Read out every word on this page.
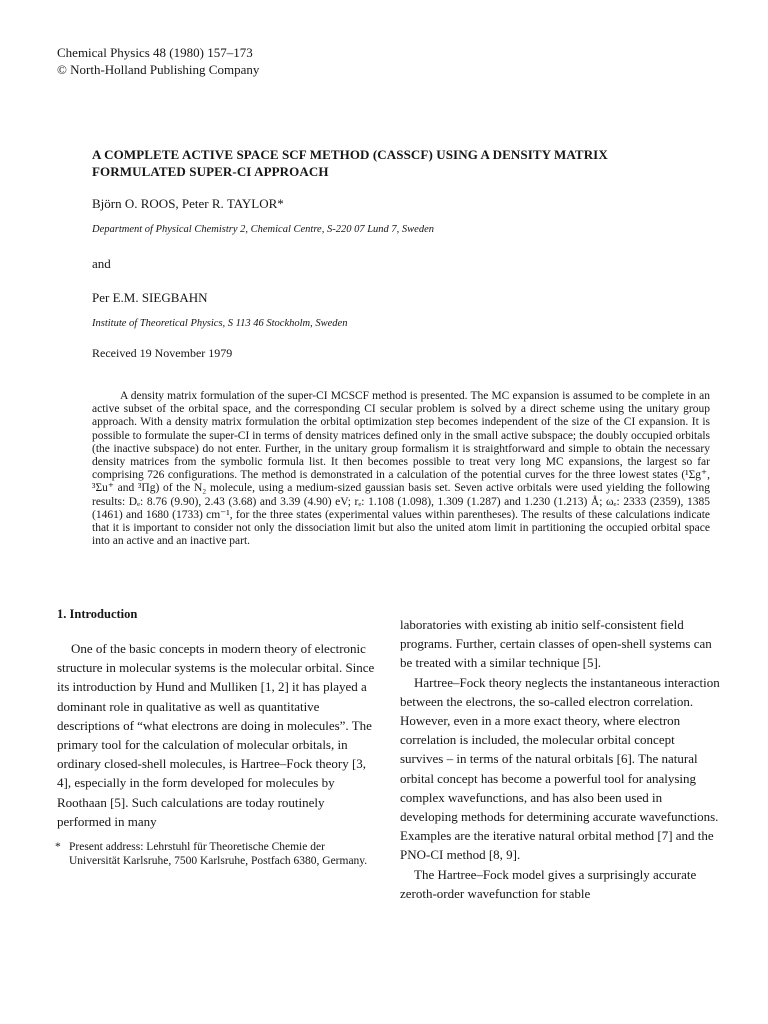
Chemical Physics 48 (1980) 157–173
© North-Holland Publishing Company
A COMPLETE ACTIVE SPACE SCF METHOD (CASSCF) USING A DENSITY MATRIX
FORMULATED SUPER-CI APPROACH
Björn O. ROOS, Peter R. TAYLOR*
Department of Physical Chemistry 2, Chemical Centre, S-220 07 Lund 7, Sweden
and
Per E.M. SIEGBAHN
Institute of Theoretical Physics, S 113 46 Stockholm, Sweden
Received 19 November 1979

A density matrix formulation of the super-CI MCSCF method is presented. The MC expansion is assumed to be complete in an active subset of the orbital space, and the corresponding CI secular problem is solved by a direct scheme using the unitary group approach. With a density matrix formulation the orbital optimization step becomes independent of the size of the CI expansion. It is possible to formulate the super-CI in terms of density matrices defined only in the small active subspace; the doubly occupied orbitals (the inactive subspace) do not enter. Further, in the unitary group formalism it is straightforward and simple to obtain the necessary density matrices from the symbolic formula list. It then becomes possible to treat very long MC expansions, the largest so far comprising 726 configurations. The method is demonstrated in a calculation of the potential curves for the three lowest states (¹Σg⁺, ³Σu⁺ and ³Πg) of the N₂ molecule, using a medium-sized gaussian basis set. Seven active orbitals were used yielding the following results: Dₑ: 8.76 (9.90), 2.43 (3.68) and 3.39 (4.90) eV; rₑ: 1.108 (1.098), 1.309 (1.287) and 1.230 (1.213) Å; ωₑ: 2333 (2359), 1385 (1461) and 1680 (1733) cm⁻¹, for the three states (experimental values within parentheses). The results of these calculations indicate that it is important to consider not only the dissociation limit but also the united atom limit in partitioning the occupied orbital space into an active and an inactive part.

1. Introduction

One of the basic concepts in modern theory of electronic structure in molecular systems is the molecular orbital. Since its introduction by Hund and Mulliken [1, 2] it has played a dominant role in qualitative as well as quantitative descriptions of “what electrons are doing in molecules”. The primary tool for the calculation of molecular orbitals, in ordinary closed-shell molecules, is Hartree–Fock theory [3, 4], especially in the form developed for molecules by Roothaan [5]. Such calculations are today routinely performed in many

laboratories with existing ab initio self-consistent field programs. Further, certain classes of open-shell systems can be treated with a similar technique [5].

Hartree–Fock theory neglects the instantaneous interaction between the electrons, the so-called electron correlation. However, even in a more exact theory, where electron correlation is included, the molecular orbital concept survives – in terms of the natural orbitals [6]. The natural orbital concept has become a powerful tool for analysing complex wavefunctions, and has also been used in developing methods for determining accurate wavefunctions. Examples are the iterative natural orbital method [7] and the PNO-CI method [8, 9].

The Hartree–Fock model gives a surprisingly accurate zeroth-order wavefunction for stable

* Present address: Lehrstuhl für Theoretische Chemie der Universität Karlsruhe, 7500 Karlsruhe, Postfach 6380, Germany.
